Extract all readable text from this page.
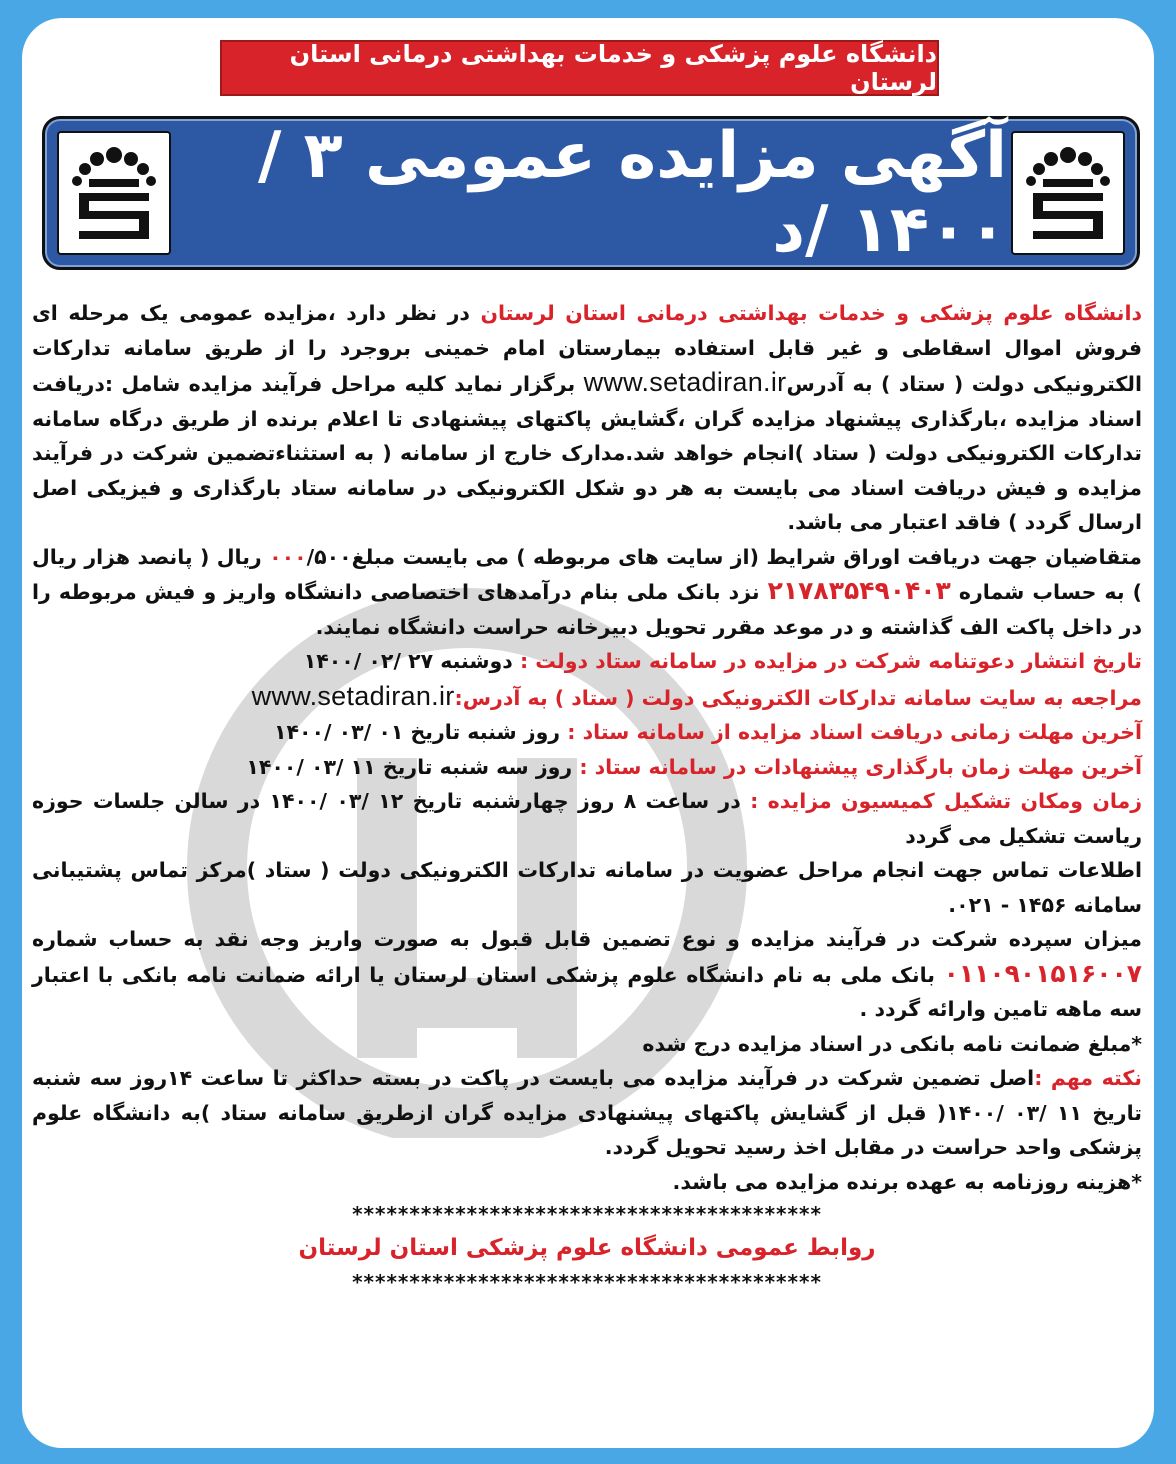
دانشگاه علوم پزشکی و خدمات بهداشتی درمانی استان لرستان
آگهی مزایده عمومی ۳ / ۱۴۰۰ /د

دانشگاه علوم پزشکی و خدمات بهداشتی درمانی استان لرستان در نظر دارد ،مزایده عمومی یک مرحله ای فروش اموال اسقاطی و غیر قابل استفاده بیمارستان امام خمینی بروجرد را از طریق سامانه تدارکات الکترونیکی دولت ( ستاد ) به آدرسwww.setadiran.ir برگزار نماید کلیه مراحل فرآیند مزایده شامل :دریافت اسناد مزایده ،بارگذاری پیشنهاد مزایده گران ،گشایش پاکتهای پیشنهادی تا اعلام برنده از طریق درگاه سامانه تدارکات الکترونیکی دولت ( ستاد )انجام خواهد شد.مدارک خارج از سامانه ( به استثناءتضمین شرکت در فرآیند مزایده و فیش دریافت اسناد می بایست به هر دو شکل الکترونیکی در سامانه ستاد بارگذاری و فیزیکی اصل ارسال گردد ) فاقد اعتبار می باشد.

متقاضیان جهت دریافت اوراق شرایط (از سایت های مربوطه ) می بایست مبلغ۰۰۰/۵۰۰ ریال ( پانصد هزار ریال ) به حساب شماره ۲۱۷۸۳۵۴۹۰۴۰۳ نزد بانک ملی بنام درآمدهای اختصاصی دانشگاه واریز و فیش مربوطه را در داخل پاکت الف گذاشته و در موعد مقرر تحویل دبیرخانه حراست دانشگاه نمایند.

تاریخ انتشار دعوتنامه شرکت در مزایده در سامانه ستاد دولت : دوشنبه ۲۷ /۰۲ /۱۴۰۰

مراجعه به سایت سامانه تدارکات الکترونیکی دولت ( ستاد ) به آدرس:www.setadiran.ir

آخرین مهلت زمانی دریافت اسناد مزایده از سامانه ستاد : روز شنبه تاریخ ۰۱ /۰۳ /۱۴۰۰

آخرین مهلت زمان بارگذاری پیشنهادات در سامانه ستاد : روز سه شنبه تاریخ ۱۱ /۰۳ /۱۴۰۰

زمان ومکان تشکیل کمیسیون مزایده : در ساعت ۸ روز چهارشنبه تاریخ ۱۲ /۰۳ /۱۴۰۰ در سالن جلسات حوزه ریاست تشکیل می گردد

اطلاعات تماس جهت انجام مراحل عضویت در سامانه تدارکات الکترونیکی دولت ( ستاد )مرکز تماس پشتیبانی سامانه ۱۴۵۶ - ۰۲۱.

میزان سپرده شرکت در فرآیند مزایده و نوع تضمین قابل قبول به صورت واریز وجه نقد به حساب شماره ۰۱۱۰۹۰۱۵۱۶۰۰۷ بانک ملی به نام دانشگاه علوم پزشکی استان لرستان یا ارائه ضمانت نامه بانکی با اعتبار سه ماهه تامین وارائه گردد .

*مبلغ ضمانت نامه بانکی در اسناد مزایده درج شده

نکته مهم :اصل تضمین شرکت در فرآیند مزایده می بایست در پاکت در بسته حداکثر تا ساعت ۱۴روز سه شنبه تاریخ ۱۱ /۰۳ /۱۴۰۰( قبل از گشایش پاکتهای پیشنهادی مزایده گران ازطریق سامانه ستاد )به دانشگاه علوم پزشکی واحد حراست در مقابل اخذ رسید تحویل گردد.

*هزینه روزنامه به عهده برنده مزایده می باشد.

*****************************************

روابط عمومی دانشگاه علوم پزشکی استان لرستان

*****************************************
